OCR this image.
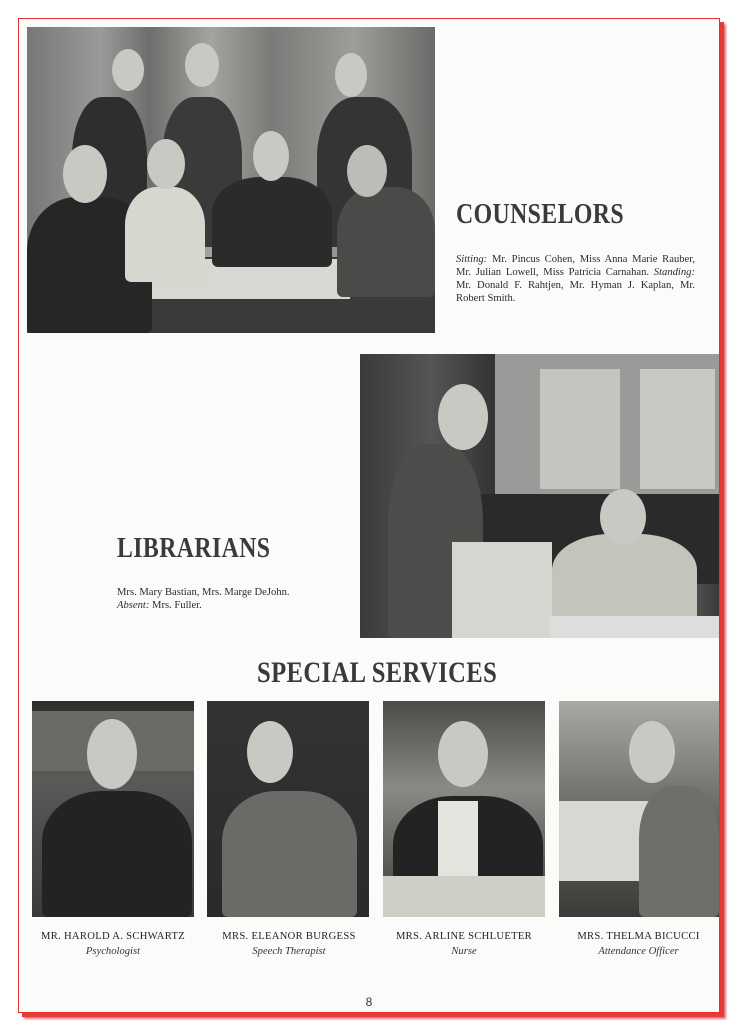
COUNSELORS
Sitting: Mr. Pincus Cohen, Miss Anna Marie Rauber, Mr. Julian Lowell, Miss Patricia Carnahan. Standing: Mr. Donald F. Rahtjen, Mr. Hyman J. Kaplan, Mr. Robert Smith.
LIBRARIANS
Mrs. Mary Bastian, Mrs. Marge DeJohn.
Absent: Mrs. Fuller.
SPECIAL SERVICES
MR. HAROLD A. SCHWARTZ
Psychologist
MRS. ELEANOR BURGESS
Speech Therapist
MRS. ARLINE SCHLUETER
Nurse
MRS. THELMA BICUCCI
Attendance Officer
8
